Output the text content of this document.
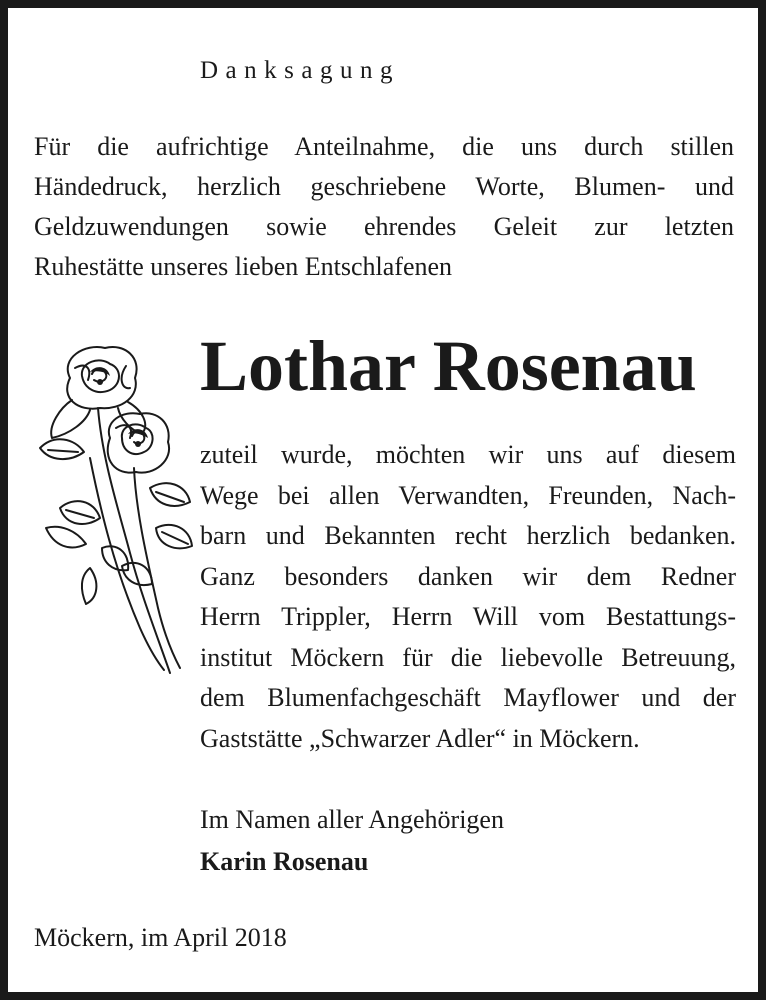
Danksagung
Für die aufrichtige Anteilnahme, die uns durch stillen
Händedruck, herzlich geschriebene Worte, Blumen- und
Geldzuwendungen sowie ehrendes Geleit zur letzten
Ruhestätte unseres lieben Entschlafenen
Lothar Rosenau
zuteil wurde, möchten wir uns auf diesem
Wege bei allen Verwandten, Freunden, Nach-
barn und Bekannten recht herzlich bedanken.
Ganz besonders danken wir dem Redner
Herrn Trippler, Herrn Will vom Bestattungs-
institut Möckern für die liebevolle Betreuung,
dem Blumenfachgeschäft Mayflower und der
Gaststätte „Schwarzer Adler“ in Möckern.
Im Namen aller Angehörigen
Karin Rosenau
Möckern, im April 2018
